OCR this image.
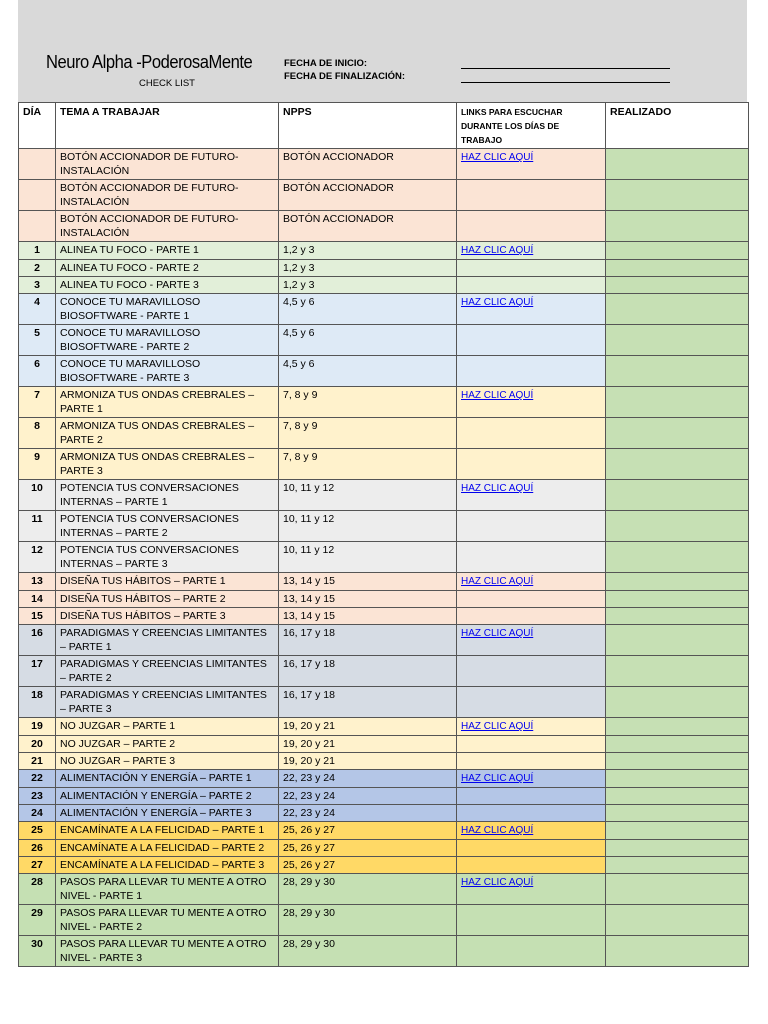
Neuro Alpha -PoderosaMente
CHECK LIST
FECHA DE INICIO:
FECHA DE FINALIZACIÓN:
DÍA	TEMA A TRABAJAR	NPPS	LINKS PARA ESCUCHAR DURANTE LOS DÍAS DE TRABAJO	REALIZADO
	BOTÓN ACCIONADOR DE FUTURO-INSTALACIÓN	BOTÓN ACCIONADOR	HAZ CLIC AQUÍ	
	BOTÓN ACCIONADOR DE FUTURO-INSTALACIÓN	BOTÓN ACCIONADOR		
	BOTÓN ACCIONADOR DE FUTURO-INSTALACIÓN	BOTÓN ACCIONADOR		
1	ALINEA TU FOCO - PARTE 1	1,2 y 3	HAZ CLIC AQUÍ	
2	ALINEA TU FOCO - PARTE 2	1,2 y 3		
3	ALINEA TU FOCO - PARTE 3	1,2 y 3		
4	CONOCE TU MARAVILLOSO BIOSOFTWARE - PARTE 1	4,5 y 6	HAZ CLIC AQUÍ	
5	CONOCE TU MARAVILLOSO BIOSOFTWARE - PARTE 2	4,5 y 6		
6	CONOCE TU MARAVILLOSO BIOSOFTWARE - PARTE 3	4,5 y 6		
7	ARMONIZA TUS ONDAS CREBRALES – PARTE 1	7, 8 y 9	HAZ CLIC AQUÍ	
8	ARMONIZA TUS ONDAS CREBRALES – PARTE 2	7, 8 y 9		
9	ARMONIZA TUS ONDAS CREBRALES – PARTE 3	7, 8 y 9		
10	POTENCIA TUS CONVERSACIONES INTERNAS – PARTE 1	10, 11 y 12	HAZ CLIC AQUÍ	
11	POTENCIA TUS CONVERSACIONES INTERNAS – PARTE 2	10, 11 y 12		
12	POTENCIA TUS CONVERSACIONES INTERNAS – PARTE 3	10, 11 y 12		
13	DISEÑA TUS HÁBITOS – PARTE 1	13, 14 y 15	HAZ CLIC AQUÍ	
14	DISEÑA TUS HÁBITOS – PARTE 2	13, 14 y 15		
15	DISEÑA TUS HÁBITOS – PARTE 3	13, 14 y 15		
16	PARADIGMAS Y CREENCIAS LIMITANTES – PARTE 1	16, 17 y 18	HAZ CLIC AQUÍ	
17	PARADIGMAS Y CREENCIAS LIMITANTES – PARTE 2	16, 17 y 18		
18	PARADIGMAS Y CREENCIAS LIMITANTES – PARTE 3	16, 17 y 18		
19	NO JUZGAR – PARTE 1	19, 20 y 21	HAZ CLIC AQUÍ	
20	NO JUZGAR – PARTE 2	19, 20 y 21		
21	NO JUZGAR – PARTE 3	19, 20 y 21		
22	ALIMENTACIÓN Y ENERGÍA – PARTE 1	22, 23 y 24	HAZ CLIC AQUÍ	
23	ALIMENTACIÓN Y ENERGÍA – PARTE 2	22, 23 y 24		
24	ALIMENTACIÓN Y ENERGÍA – PARTE 3	22, 23 y 24		
25	ENCAMÍNATE A LA FELICIDAD – PARTE 1	25, 26 y 27	HAZ CLIC AQUÍ	
26	ENCAMÍNATE A LA FELICIDAD – PARTE 2	25, 26 y 27		
27	ENCAMÍNATE A LA FELICIDAD – PARTE 3	25, 26 y 27		
28	PASOS PARA LLEVAR TU MENTE A OTRO NIVEL - PARTE 1	28, 29 y 30	HAZ CLIC AQUÍ	
29	PASOS PARA LLEVAR TU MENTE A OTRO NIVEL - PARTE 2	28, 29 y 30		
30	PASOS PARA LLEVAR TU MENTE A OTRO NIVEL - PARTE 3	28, 29 y 30		
